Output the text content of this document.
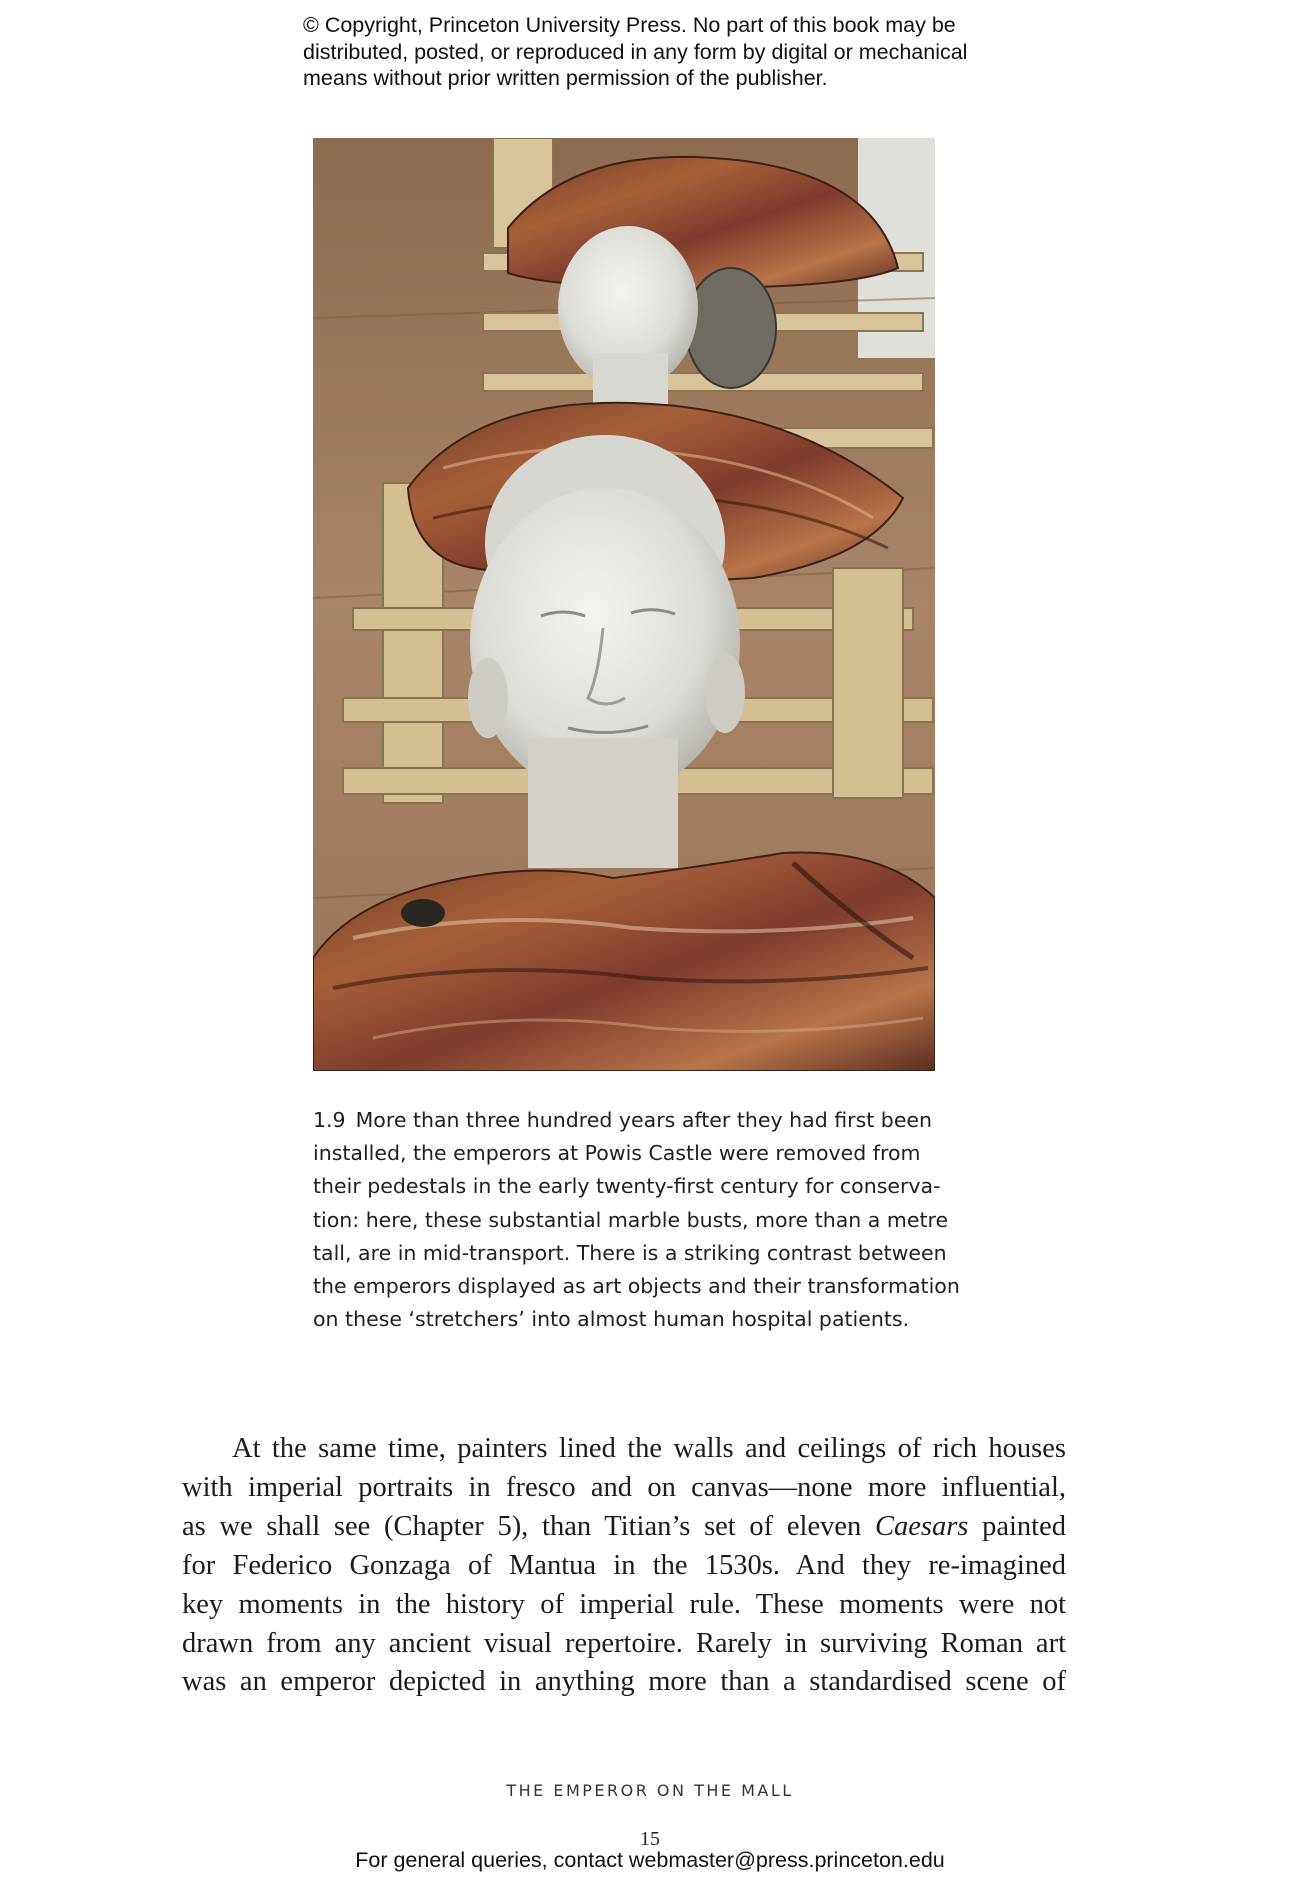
© Copyright, Princeton University Press. No part of this book may be
distributed, posted, or reproduced in any form by digital or mechanical
means without prior written permission of the publisher.
1.9 More than three hundred years after they had first been
installed, the emperors at Powis Castle were removed from
their pedestals in the early twenty-first century for conserva-
tion: here, these substantial marble busts, more than a metre
tall, are in mid-transport. There is a striking contrast between
the emperors displayed as art objects and their transformation
on these ‘stretchers’ into almost human hospital patients.
At the same time, painters lined the walls and ceilings of rich houses
with imperial portraits in fresco and on canvas—none more influential,
as we shall see (Chapter 5), than Titian’s set of eleven Caesars painted
for Federico Gonzaga of Mantua in the 1530s. And they re-imagined
key moments in the history of imperial rule. These moments were not
drawn from any ancient visual repertoire. Rarely in surviving Roman art
was an emperor depicted in anything more than a standardised scene of
THE EMPEROR ON THE MALL
15
For general queries, contact webmaster@press.princeton.edu
